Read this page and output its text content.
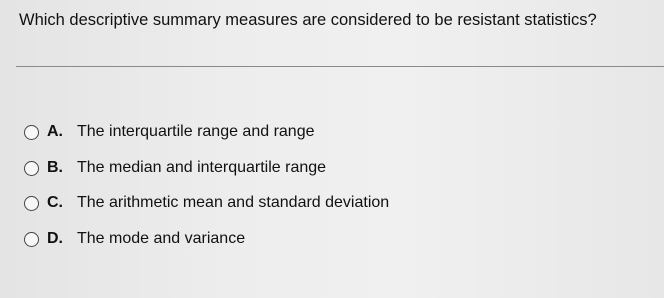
Which descriptive summary measures are considered to be resistant statistics?
A. The interquartile range and range
B. The median and interquartile range
C. The arithmetic mean and standard deviation
D. The mode and variance
